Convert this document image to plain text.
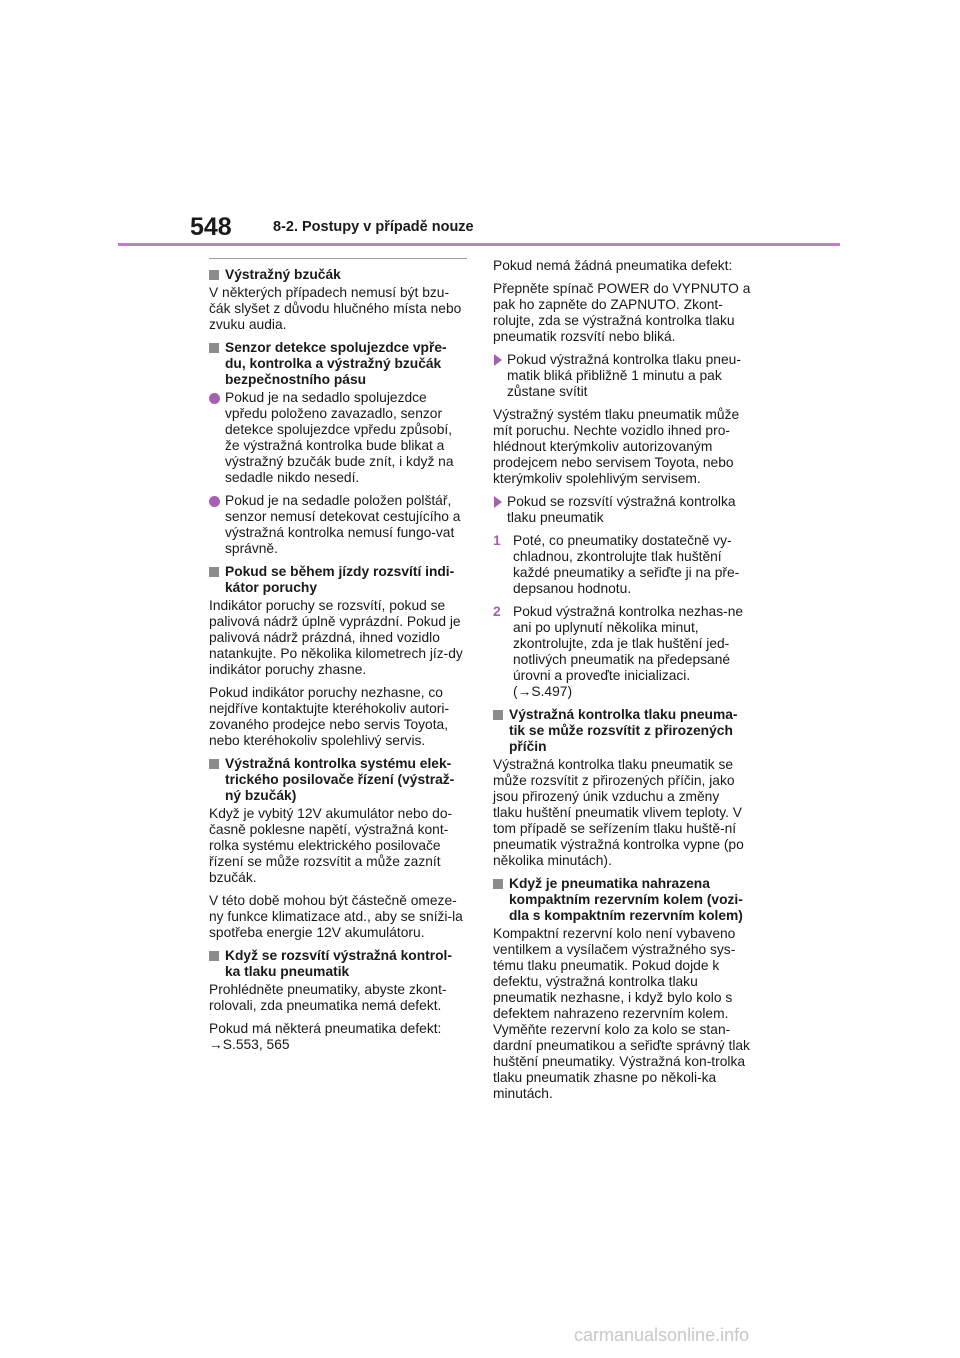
548	8-2. Postupy v případě nouze
Výstražný bzučák

V některých případech nemusí být bzu-čák slyšet z důvodu hlučného místa nebo zvuku audia.

Senzor detekce spolujezdce vpře-du, kontrolka a výstražný bzučák bezpečnostního pásu
Pokud je na sedadlo spolujezdce vpředu položeno zavazadlo, senzor detekce spolujezdce vpředu způsobí, že výstražná kontrolka bude blikat a výstražný bzučák bude znít, i když na sedadle nikdo nesedí.
Pokud je na sedadle položen polštář, senzor nemusí detekovat cestujícího a výstražná kontrolka nemusí fungo-vat správně.
Pokud se během jízdy rozsvítí indi-kátor poruchy

Indikátor poruchy se rozsvítí, pokud se palivová nádrž úplně vyprázdní. Pokud je palivová nádrž prázdná, ihned vozidlo natankujte. Po několika kilometrech jíz-dy indikátor poruchy zhasne.

Pokud indikátor poruchy nezhasne, co nejdříve kontaktujte kteréhokoliv autori-zovaného prodejce nebo servis Toyota, nebo kteréhokoliv spolehlivý servis.

Výstražná kontrolka systému elek-trického posilovače řízení (výstraž-ný bzučák)

Když je vybitý 12V akumulátor nebo do-časně poklesne napětí, výstražná kont-rolka systému elektrického posilovače řízení se může rozsvítit a může zaznít bzučák.

V této době mohou být částečně omeze-ny funkce klimatizace atd., aby se sníži-la spotřeba energie 12V akumulátoru.

Když se rozsvítí výstražná kontrol-ka tlaku pneumatik

Prohlédněte pneumatiky, abyste zkont-rolovali, zda pneumatika nemá defekt.

Pokud má některá pneumatika defekt: →S.553, 565

Pokud nemá žádná pneumatika defekt:

Přepněte spínač POWER do VYPNUTO a pak ho zapněte do ZAPNUTO. Zkont-rolujte, zda se výstražná kontrolka tlaku pneumatik rozsvítí nebo bliká.

Pokud výstražná kontrolka tlaku pneu-matik bliká přibližně 1 minutu a pak zůstane svítit

Výstražný systém tlaku pneumatik může mít poruchu. Nechte vozidlo ihned pro-hlédnout kterýmkoliv autorizovaným prodejcem nebo servisem Toyota, nebo kterýmkoliv spolehlivým servisem.

Pokud se rozsvítí výstražná kontrolka tlaku pneumatik
1 Poté, co pneumatiky dostatečně vy-chladnou, zkontrolujte tlak huštění každé pneumatiky a seřiďte ji na pře-depsanou hodnotu.
2 Pokud výstražná kontrolka nezhas-ne ani po uplynutí několika minut, zkontrolujte, zda je tlak huštění jed-notlivých pneumatik na předepsané úrovni a proveďte inicializaci. (→S.497)
Výstražná kontrolka tlaku pneuma-tik se může rozsvítit z přirozených příčin

Výstražná kontrolka tlaku pneumatik se může rozsvítit z přirozených příčin, jako jsou přirozený únik vzduchu a změny tlaku huštění pneumatik vlivem teploty. V tom případě se seřízením tlaku huště-ní pneumatik výstražná kontrolka vypne (po několika minutách).

Když je pneumatika nahrazena kompaktním rezervním kolem (vozi-dla s kompaktním rezervním kolem)

Kompaktní rezervní kolo není vybaveno ventilkem a vysílačem výstražného sys-tému tlaku pneumatik. Pokud dojde k defektu, výstražná kontrolka tlaku pneumatik nezhasne, i když bylo kolo s defektem nahrazeno rezervním kolem. Vyměňte rezervní kolo za kolo se stan-dardní pneumatikou a seřiďte správný tlak huštění pneumatiky. Výstražná kon-trolka tlaku pneumatik zhasne po několi-ka minutách.

carmanualsonline.info
